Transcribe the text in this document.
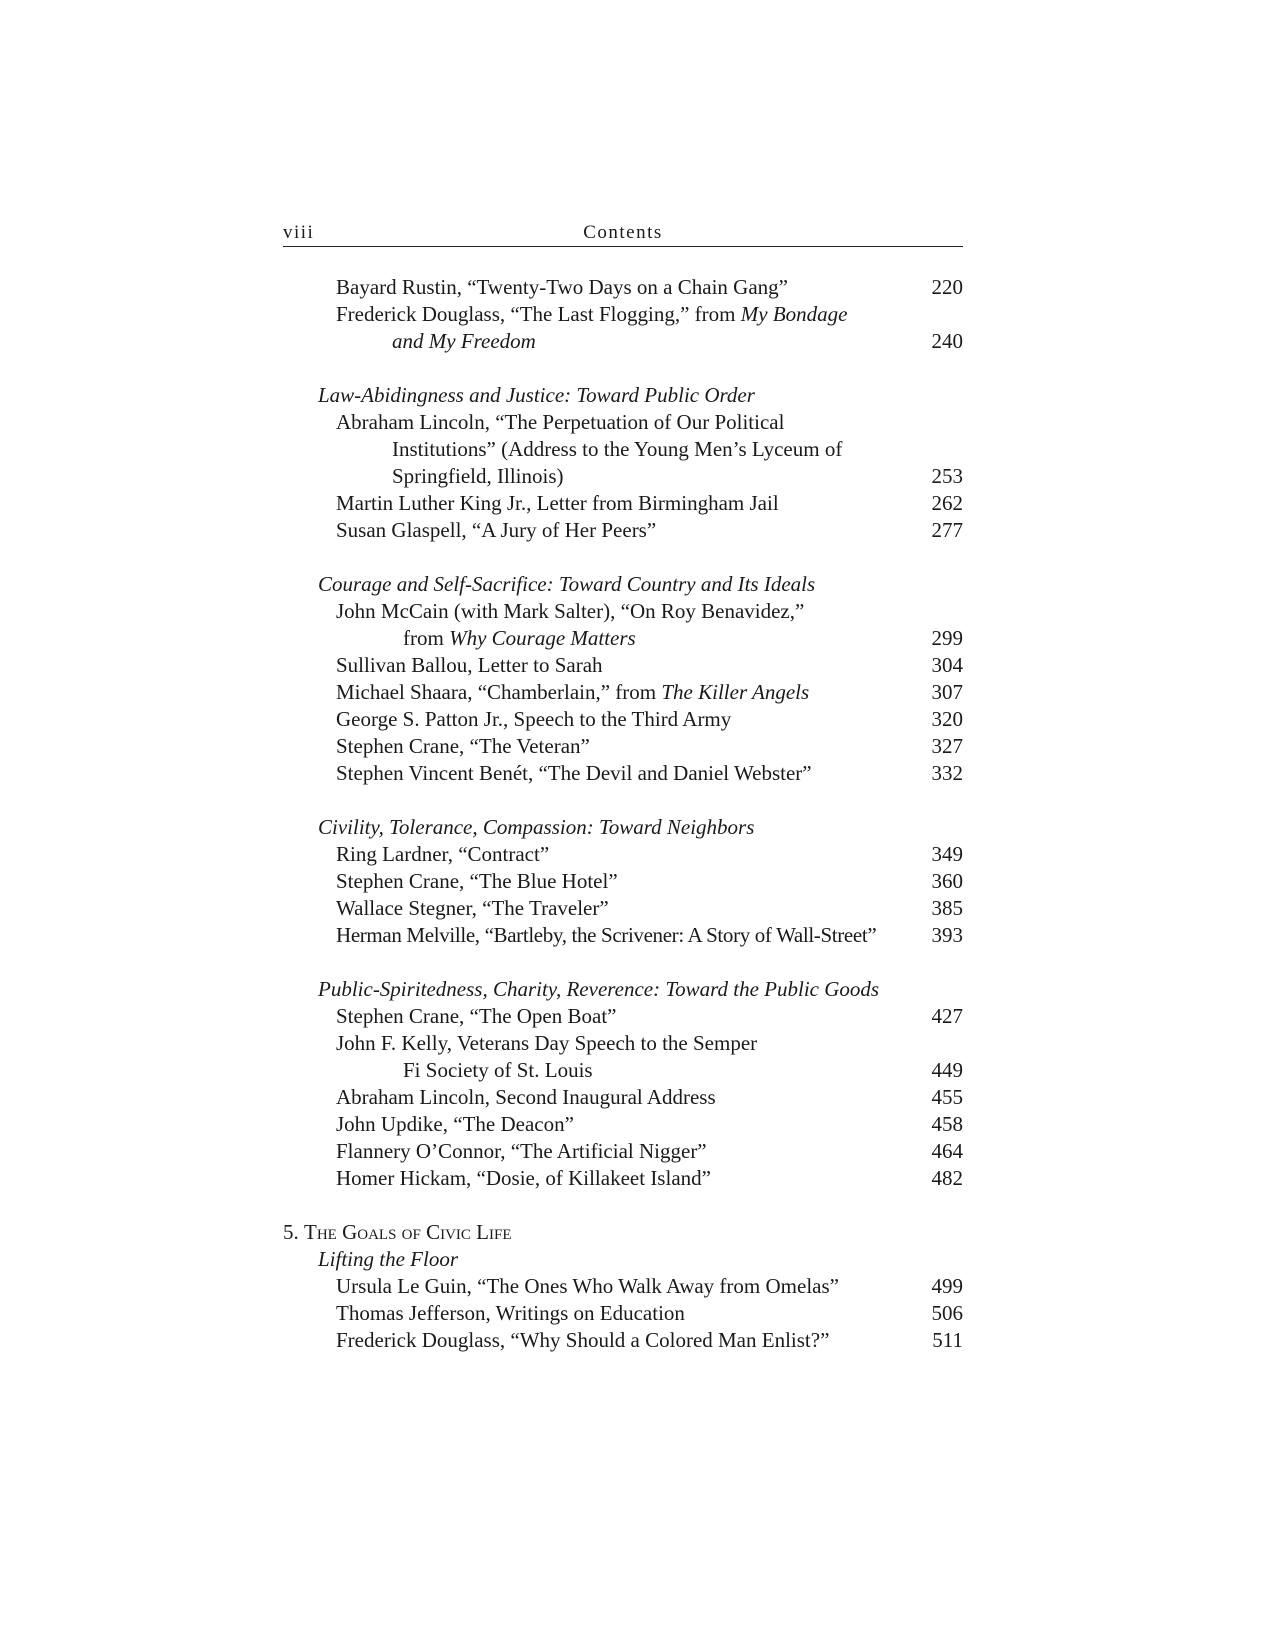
viii	Contents
Bayard Rustin, “Twenty-Two Days on a Chain Gang”	220
Frederick Douglass, “The Last Flogging,” from My Bondage
and My Freedom	240
Law-Abidingness and Justice: Toward Public Order
Abraham Lincoln, “The Perpetuation of Our Political
Institutions” (Address to the Young Men’s Lyceum of
Springfield, Illinois)	253
Martin Luther King Jr., Letter from Birmingham Jail	262
Susan Glaspell, “A Jury of Her Peers”	277
Courage and Self-Sacrifice: Toward Country and Its Ideals
John McCain (with Mark Salter), “On Roy Benavidez,”
from Why Courage Matters	299
Sullivan Ballou, Letter to Sarah	304
Michael Shaara, “Chamberlain,” from The Killer Angels	307
George S. Patton Jr., Speech to the Third Army	320
Stephen Crane, “The Veteran”	327
Stephen Vincent Benét, “The Devil and Daniel Webster”	332
Civility, Tolerance, Compassion: Toward Neighbors
Ring Lardner, “Contract”	349
Stephen Crane, “The Blue Hotel”	360
Wallace Stegner, “The Traveler”	385
Herman Melville, “Bartleby, the Scrivener: A Story of Wall-Street”	393
Public-Spiritedness, Charity, Reverence: Toward the Public Goods
Stephen Crane, “The Open Boat”	427
John F. Kelly, Veterans Day Speech to the Semper
Fi Society of St. Louis	449
Abraham Lincoln, Second Inaugural Address	455
John Updike, “The Deacon”	458
Flannery O’Connor, “The Artificial Nigger”	464
Homer Hickam, “Dosie, of Killakeet Island”	482
5. The Goals of Civic Life
Lifting the Floor
Ursula Le Guin, “The Ones Who Walk Away from Omelas”	499
Thomas Jefferson, Writings on Education	506
Frederick Douglass, “Why Should a Colored Man Enlist?”	511
